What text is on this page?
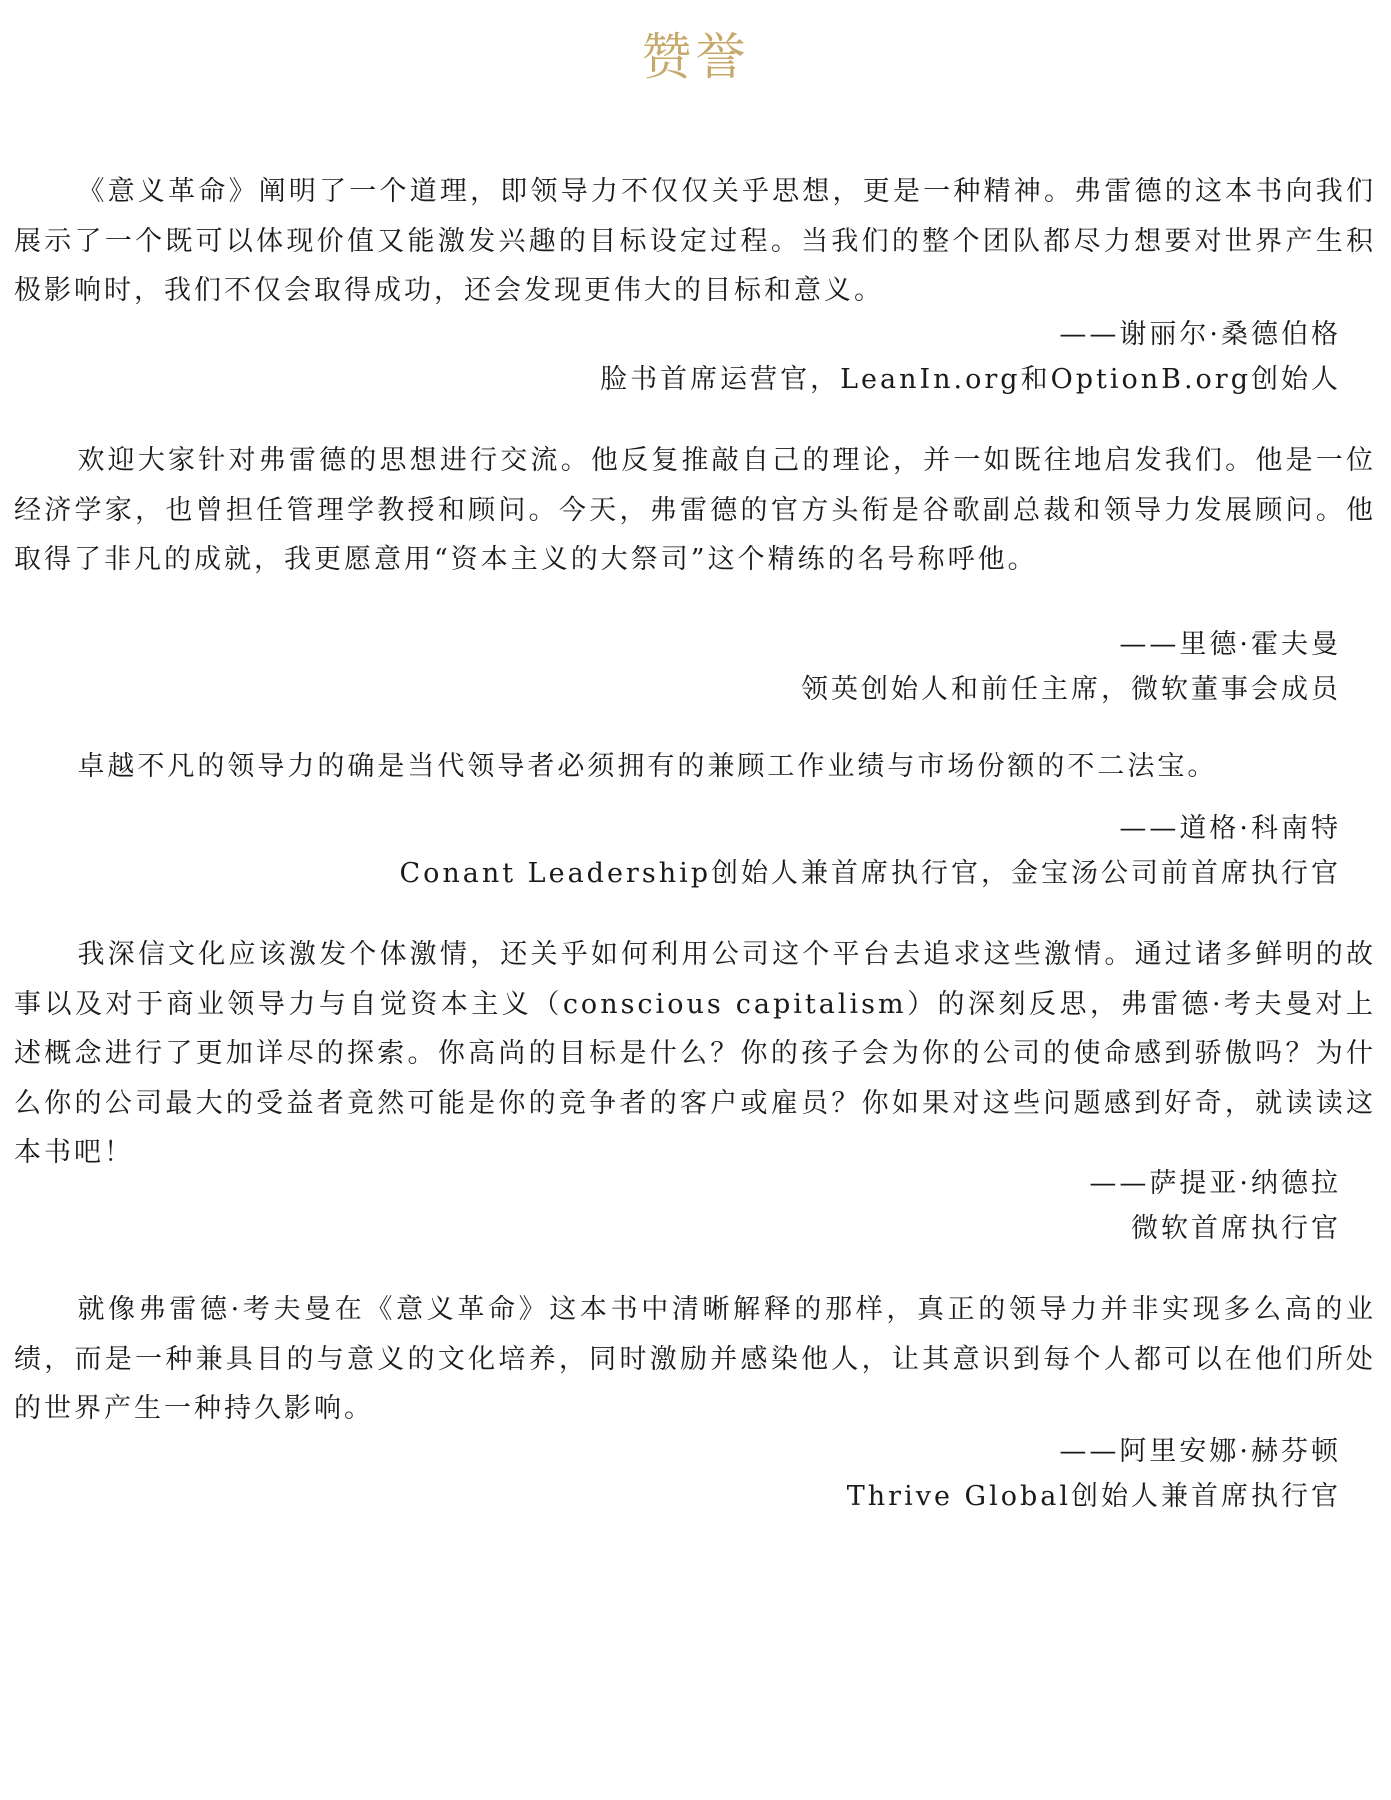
赞誉

《意义革命》阐明了一个道理，即领导力不仅仅关乎思想，更是一种精神。弗雷德的这本书向我们展示了一个既可以体现价值又能激发兴趣的目标设定过程。当我们的整个团队都尽力想要对世界产生积极影响时，我们不仅会取得成功，还会发现更伟大的目标和意义。

——谢丽尔·桑德伯格

脸书首席运营官，LeanIn.org和OptionB.org创始人

欢迎大家针对弗雷德的思想进行交流。他反复推敲自己的理论，并一如既往地启发我们。他是一位经济学家，也曾担任管理学教授和顾问。今天，弗雷德的官方头衔是谷歌副总裁和领导力发展顾问。他取得了非凡的成就，我更愿意用“资本主义的大祭司”这个精练的名号称呼他。

——里德·霍夫曼

领英创始人和前任主席，微软董事会成员

卓越不凡的领导力的确是当代领导者必须拥有的兼顾工作业绩与市场份额的不二法宝。

——道格·科南特

Conant Leadership创始人兼首席执行官，金宝汤公司前首席执行官

我深信文化应该激发个体激情，还关乎如何利用公司这个平台去追求这些激情。通过诸多鲜明的故事以及对于商业领导力与自觉资本主义（conscious capitalism）的深刻反思，弗雷德·考夫曼对上述概念进行了更加详尽的探索。你高尚的目标是什么？你的孩子会为你的公司的使命感到骄傲吗？为什么你的公司最大的受益者竟然可能是你的竞争者的客户或雇员？你如果对这些问题感到好奇，就读读这本书吧！

——萨提亚·纳德拉

微软首席执行官

就像弗雷德·考夫曼在《意义革命》这本书中清晰解释的那样，真正的领导力并非实现多么高的业绩，而是一种兼具目的与意义的文化培养，同时激励并感染他人，让其意识到每个人都可以在他们所处的世界产生一种持久影响。

——阿里安娜·赫芬顿

Thrive Global创始人兼首席执行官
